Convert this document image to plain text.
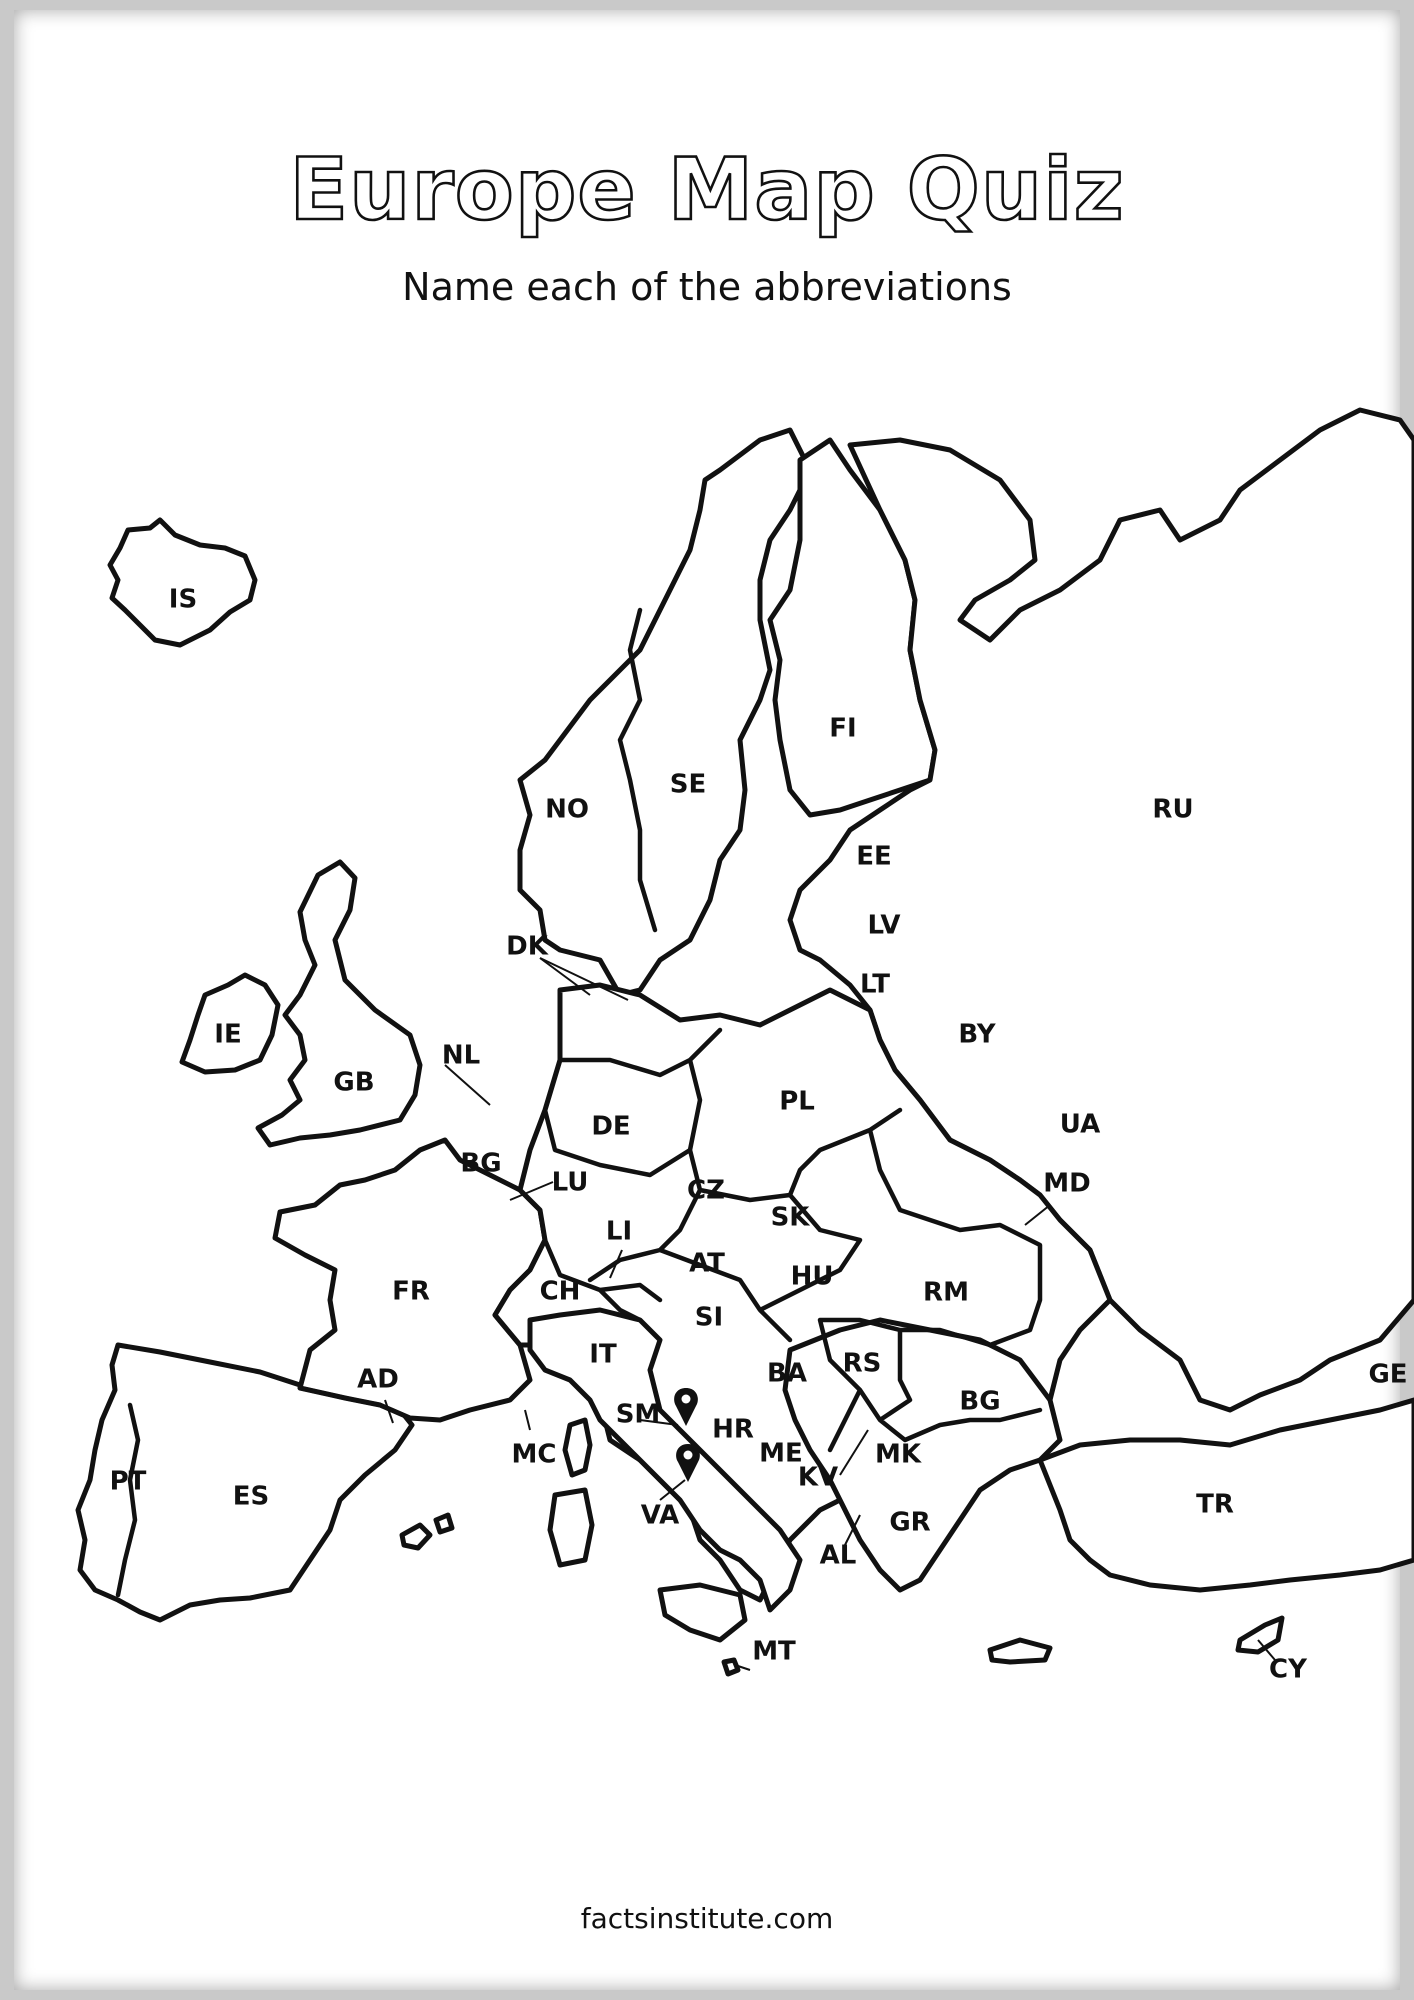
Europe Map Quiz
Name each of the abbreviations
IS
NO
SE
FI
RU
EE
LV
LT
DK
IE
GB
NL
BG
LU
DE
PL
BY
UA
CZ
SK
LI
AT
CH
FR
MD
HU
RM
SI
IT
AD	BA RS
SM HR
ME	MK
BG
GE
PT	ES
MC
KV
VA	GR
AL
TR
MT
CY
factsinstitute.com
